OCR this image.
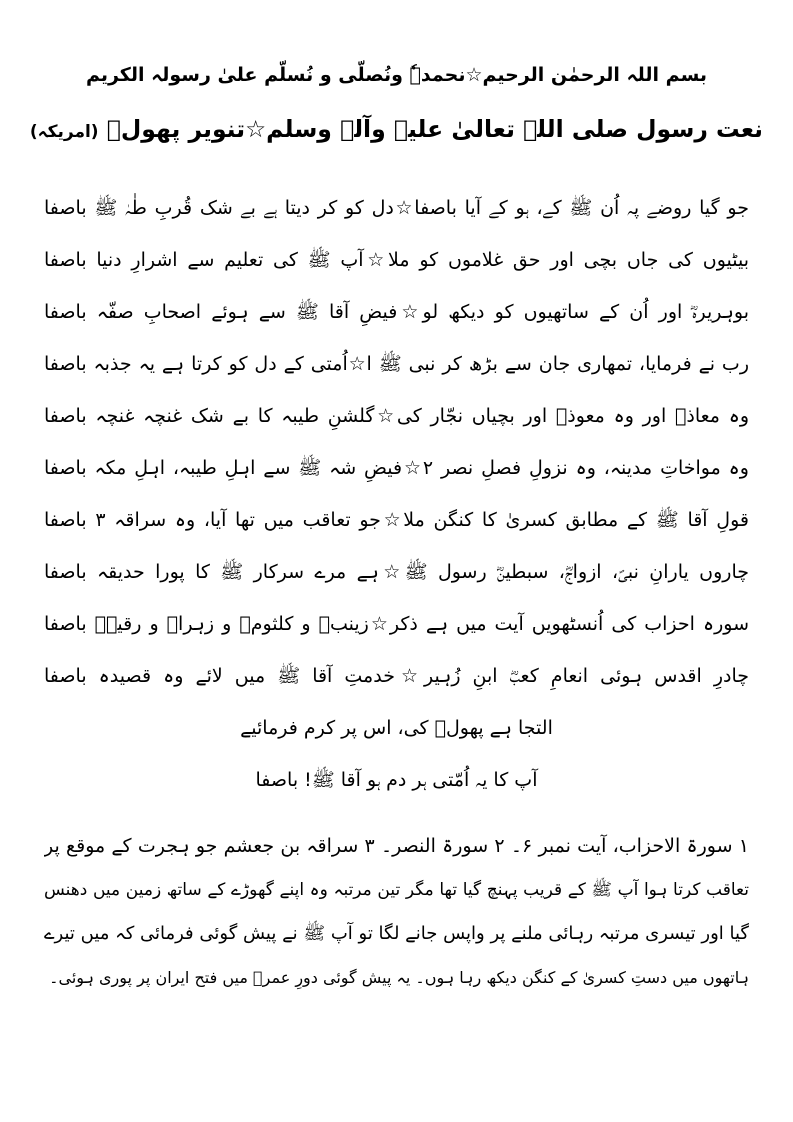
بسم اللہ الرحمٰن الرحیم☆نحمدہٗ ونُصلّی و نُسلّم علیٰ رسولہ الکریم
نعت رسول صلی اللہ تعالیٰ علیہ وآلہ وسلم☆تنویر پھولؔ (امریکہ)
جو گیا روضے پہ اُن ﷺ کے، ہو کے آیا باصفا☆دل کو کر دیتا ہے بے شک قُربِ طٰہٰ ﷺ باصفا
بیٹیوں کی جاں بچی اور حق غلاموں کو ملا☆آپ ﷺ کی تعلیم سے اشرارِ دنیا باصفا
بوہریرہؓ اور اُن کے ساتھیوں کو دیکھ لو☆فیضِ آقا ﷺ سے ہوئے اصحابِ صفّہ باصفا
رب نے فرمایا، تمھاری جان سے بڑھ کر نبی ﷺ ا☆اُمتی کے دل کو کرتا ہے یہ جذبہ باصفا
وہ معاذؓ اور وہ معوذؓ اور بچیاں نجّار کی☆گلشنِ طیبہ کا بے شک غنچہ غنچہ باصفا
وہ مواخاتِ مدینہ، وہ نزولِ فصلِ نصر ۲☆فیضِ شہ ﷺ سے اہلِ طیبہ، اہلِ مکہ باصفا
قولِ آقا ﷺ کے مطابق کسریٰ کا کنگن ملا☆جو تعاقب میں تھا آیا، وہ سراقہ ۳ باصفا
چاروں یارانِ نبیؐ، ازواجؓ، سبطینؓ رسول ﷺ☆ہے مرے سرکار ﷺ کا پورا حدیقہ باصفا
سورہ احزاب کی اُنسٹھویں آیت میں ہے ذکر☆زینبؓ و کلثومؓ و زہراؓ و رقیہؓ باصفا
چادرِ اقدس ہوئی انعامِ کعبؓ ابنِ زُہیر☆خدمتِ آقا ﷺ میں لائے وہ قصیدہ باصفا
التجا ہے پھولؔ کی، اس پر کرم فرمائیے
آپ کا یہ اُمّتی ہر دم ہو آقا ﷺ! باصفا
۱ سورۃ الاحزاب، آیت نمبر ۶۔ ۲ سورۃ النصر۔ ۳ سراقہ بن جعشم جو ہجرت کے موقع پر
تعاقب کرتا ہوا آپ ﷺ کے قریب پہنچ گیا تھا مگر تین مرتبہ وہ اپنے گھوڑے کے ساتھ زمین میں دھنس
گیا اور تیسری مرتبہ رہائی ملنے پر واپس جانے لگا تو آپ ﷺ نے پیش گوئی فرمائی کہ میں تیرے
ہاتھوں میں دستِ کسریٰ کے کنگن دیکھ رہا ہوں۔ یہ پیش گوئی دورِ عمرؓ میں فتح ایران پر پوری ہوئی۔
